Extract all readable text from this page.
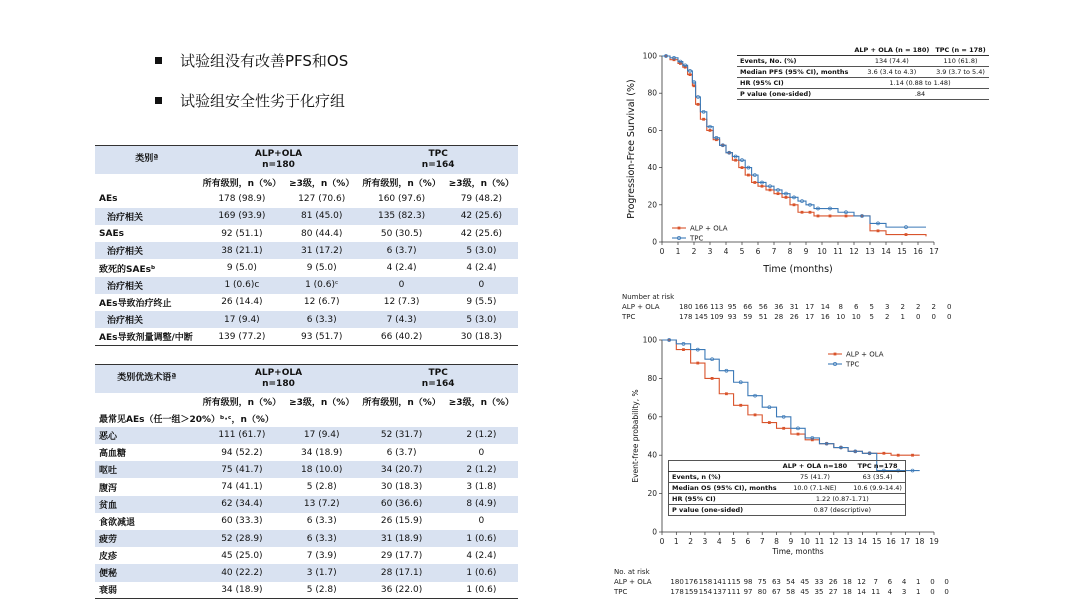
试验组没有改善PFS和OS
试验组安全性劣于化疗组
类别ª	ALP+OLA
n=180		TPC
n=164	
	所有级别，n（%）	≥3级，n（%）	所有级别，n（%）	≥3级，n（%）
AEs	178 (98.9)	127 (70.6)	160 (97.6)	79 (48.2)
治疗相关	169 (93.9)	81 (45.0)	135 (82.3)	42 (25.6)
SAEs	92 (51.1)	80 (44.4)	50 (30.5)	42 (25.6)
治疗相关	38 (21.1)	31 (17.2)	6 (3.7)	5 (3.0)
致死的SAEsᵇ	9 (5.0)	9 (5.0)	4 (2.4)	4 (2.4)
治疗相关	1 (0.6)c	1 (0.6)ᶜ	0	0
AEs导致治疗终止	26 (14.4)	12 (6.7)	12 (7.3)	9 (5.5)
治疗相关	17 (9.4)	6 (3.3)	7 (4.3)	5 (3.0)
AEs导致剂量调整/中断	139 (77.2)	93 (51.7)	66 (40.2)	30 (18.3)
类别优选术语ª	ALP+OLA
n=180		TPC
n=164	
	所有级别，n（%）	≥3级，n（%）	所有级别，n（%）	≥3级，n（%）
最常见AEs（任一组＞20%）ᵇ·ᶜ，n（%）				
恶心	111 (61.7)	17 (9.4)	52 (31.7)	2 (1.2)
高血糖	94 (52.2)	34 (18.9)	6 (3.7)	0
呕吐	75 (41.7)	18 (10.0)	34 (20.7)	2 (1.2)
腹泻	74 (41.1)	5 (2.8)	30 (18.3)	3 (1.8)
贫血	62 (34.4)	13 (7.2)	60 (36.6)	8 (4.9)
食欲减退	60 (33.3)	6 (3.3)	26 (15.9)	0
疲劳	52 (28.9)	6 (3.3)	31 (18.9)	1 (0.6)
皮疹	45 (25.0)	7 (3.9)	29 (17.7)	4 (2.4)
便秘	40 (22.2)	3 (1.7)	28 (17.1)	1 (0.6)
衰弱	34 (18.9)	5 (2.8)	36 (22.0)	1 (0.6)
0 1 2 3 4 5 6 7 8 9 10 11 12 13 14 15 16 17
0
20
40
60
80
100
Time (months)
Progression-Free Survival (%)
ALP + OLA
TPC
	ALP + OLA (n = 180)	TPC (n = 178)
Events, No. (%)	134 (74.4)	110 (61.8)
Median PFS (95% CI), months	3.6 (3.4 to 4.3)	3.9 (3.7 to 5.4)
HR (95% CI)	1.14 (0.88 to 1.48)	
P value (one-sided)	.84	
Number at risk
ALP + OLA	180 166 113 95 66 56 36 31 17 14	8	6	5	3	2	2	2	0
TPC	178 145 109 93 59 51 28 26 17 16 10 10	5	2	1	0	0	0
0 1 2 3 4 5 6 7 8 9 10 11 12 13 14 15 16 17 18 19
0
20
40
60
80
100
Time, months
Event-free probability, %
ALP + OLA
TPC
	ALP + OLA n=180	TPC n=178
Events, n (%)	75 (41.7)	63 (35.4)
Median OS (95% CI), months	10.0 (7.1-NE)	10.6 (9.9-14.4)
HR (95% CI)	1.22 (0.87-1.71)	
P value (one-sided)	0.87 (descriptive)	
No. at risk
ALP + OLA	180 176 158 141 115 98 75 63 54 45 33 26 18 12	7	6	4	1	0	0
TPC	178 159 154 137 111 97 80 67 58 45 35 27 18 14 11	4	3	1	0	0
